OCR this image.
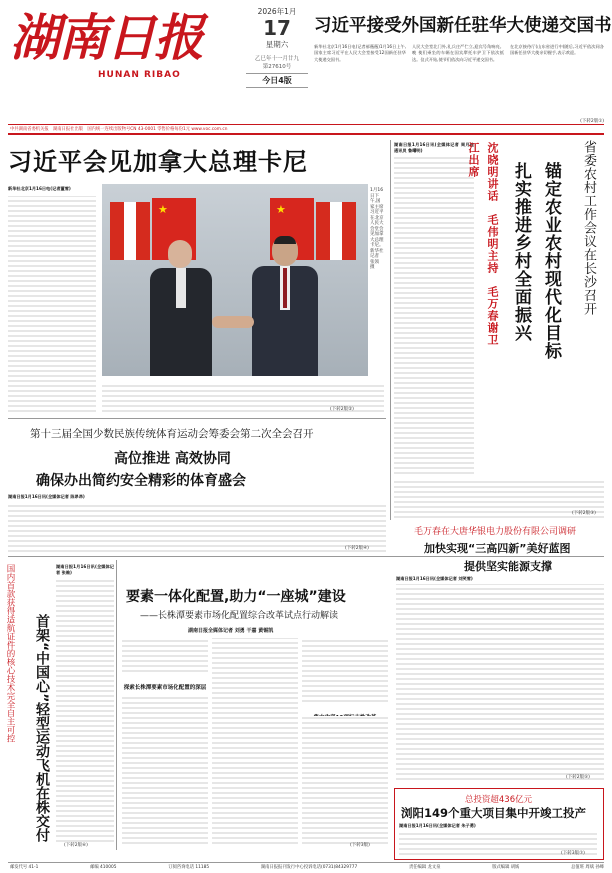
湖南日报
HUNAN RIBAO
2026年1月
17
星期六
乙巳年十一月廿九
第27610号
今日4版
习近平接受外国新任驻华大使递交国书
新华社北京1月16日电(记者郝薇薇)1月16日上午,国家主席习近平在人民大会堂接受12国新任驻华大使递交国书。
人民大会堂北门外,礼兵庄严伫立,迎宾号角响亮。晚 使们乘坐的车辆在国宾摩托车护卫下依次抵达。仪式开始,使节们依次向习近平递交国书。
在北京接待厅(山东省进行中)随后,习近平依次同各国新任驻华大使亲切握手,表示欢迎。
(下转2版①)
中共湖南省委机关报　湖南日报社出版　国内统一连续出版物号CN 43-0001 零售价格每份1元 www.voc.com.cn
习近平会见加拿大总理卡尼
新华社北京1月16日电(记者董雪)
★	★
1月16日下午,国家主席习近平在北京人民大会堂会见加拿大总理卡尼。新华社记者 张领 摄
(下转2版②)
湖南日报1月16日讯(全媒体记者 周月桂 通讯员 鲁曙明)	沈晓明讲话　毛伟明主持　毛万春谢卫江出席
扎实推进乡村全面振兴 锚定农业农村现代化目标	省委农村工作会议在长沙召开
(下转2版③)
第十三届全国少数民族传统体育运动会筹委会第二次全会召开
高位推进 高效协同
确保办出简约安全精彩的体育盛会
湖南日报1月16日讯(全媒体记者 陈昂昂)
(下转2版④)
毛万春在大唐华银电力股份有限公司调研
加快实现“三高四新”美好蓝图
提供坚实能源支撑
湖南日报1月16日讯(全媒体记者 刘笑雪)
(下转2版⑤)
国内首款获得适航证件的核心技术完全自主可控	首架“中国心”轻型运动飞机在株交付
湖南日报1月16日讯(全媒体记者 张维)
(下转2版⑥)
要素一体化配置,助力“一座城”建设
——长株潭要素市场化配置综合改革试点行动解读
湖南日报全媒体记者 刘勇 干嘉 黄锡凯
探索长株潭要素市场化配置的深层
(下转3版)
总投资超436亿元
浏阳149个重大项目集中开竣工投产
湖南日报1月16日讯(全媒体记者 朱子勇)
(下转3版⑦)
邮发代号 41-1	邮编 410005	订阅咨询电话 11185	湖南日报报刊发行中心投诉电话(0731)84329777	责任编辑 龙文泉	版式编辑 胡嫣	总值班 周斌 孙峰
